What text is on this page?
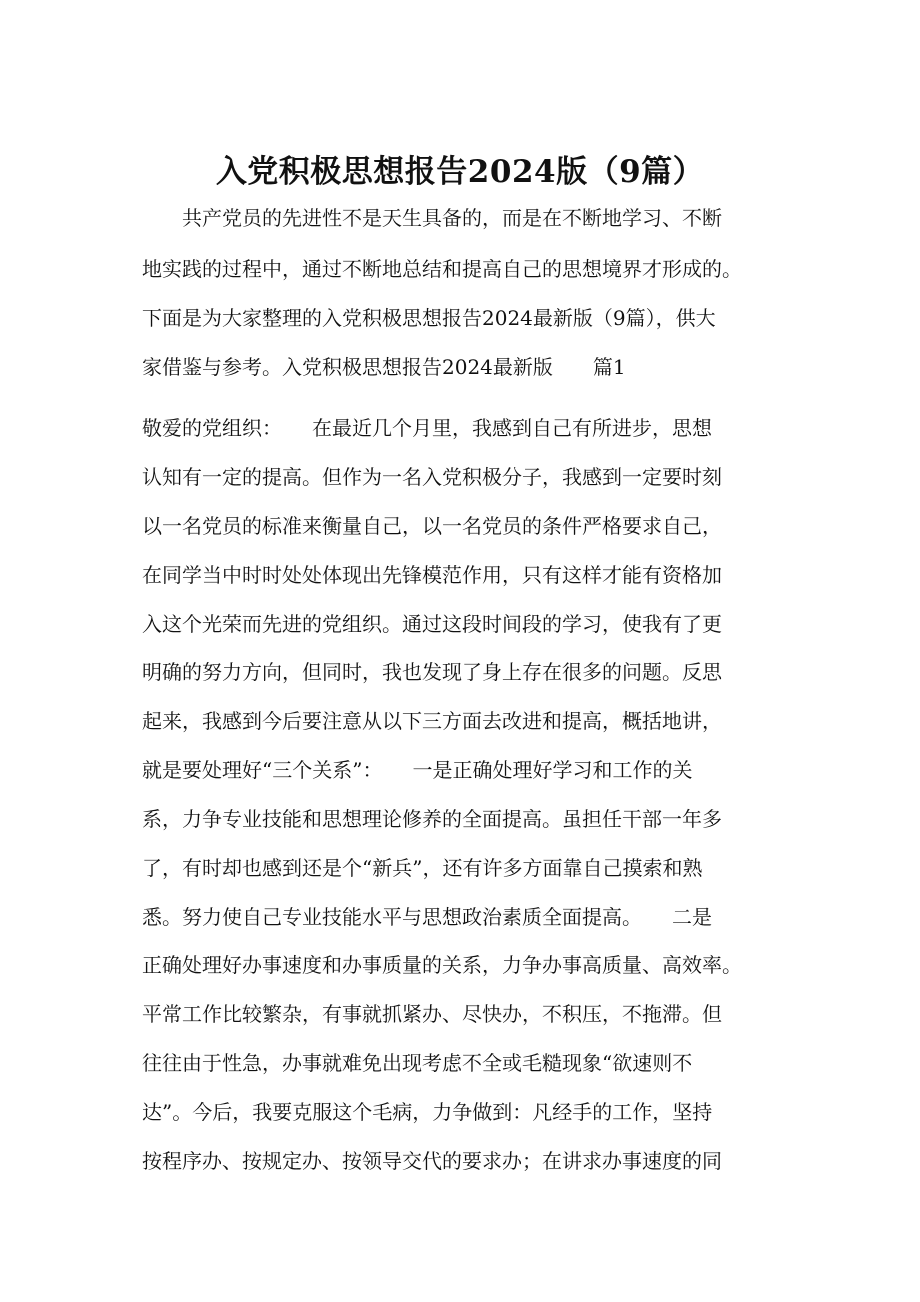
入党积极思想报告2024版（9篇）

　　共产党员的先进性不是天生具备的，而是在不断地学习、不断

地实践的过程中，通过不断地总结和提高自己的思想境界才形成的。

下面是为大家整理的入党积极思想报告2024最新版（9篇），供大

家借鉴与参考。入党积极思想报告2024最新版　　篇1

敬爱的党组织：　　在最近几个月里，我感到自己有所进步，思想

认知有一定的提高。但作为一名入党积极分子，我感到一定要时刻

以一名党员的标准来衡量自己，以一名党员的条件严格要求自己，

在同学当中时时处处体现出先锋模范作用，只有这样才能有资格加

入这个光荣而先进的党组织。通过这段时间段的学习，使我有了更

明确的努力方向，但同时，我也发现了身上存在很多的问题。反思

起来，我感到今后要注意从以下三方面去改进和提高，概括地讲，

就是要处理好“三个关系”：　　一是正确处理好学习和工作的关

系，力争专业技能和思想理论修养的全面提高。虽担任干部一年多

了，有时却也感到还是个“新兵”，还有许多方面靠自己摸索和熟

悉。努力使自己专业技能水平与思想政治素质全面提高。　　二是

正确处理好办事速度和办事质量的关系，力争办事高质量、高效率。

平常工作比较繁杂，有事就抓紧办、尽快办，不积压，不拖滞。但

往往由于性急，办事就难免出现考虑不全或毛糙现象“欲速则不

达”。今后，我要克服这个毛病，力争做到：凡经手的工作，坚持

按程序办、按规定办、按领导交代的要求办；在讲求办事速度的同
